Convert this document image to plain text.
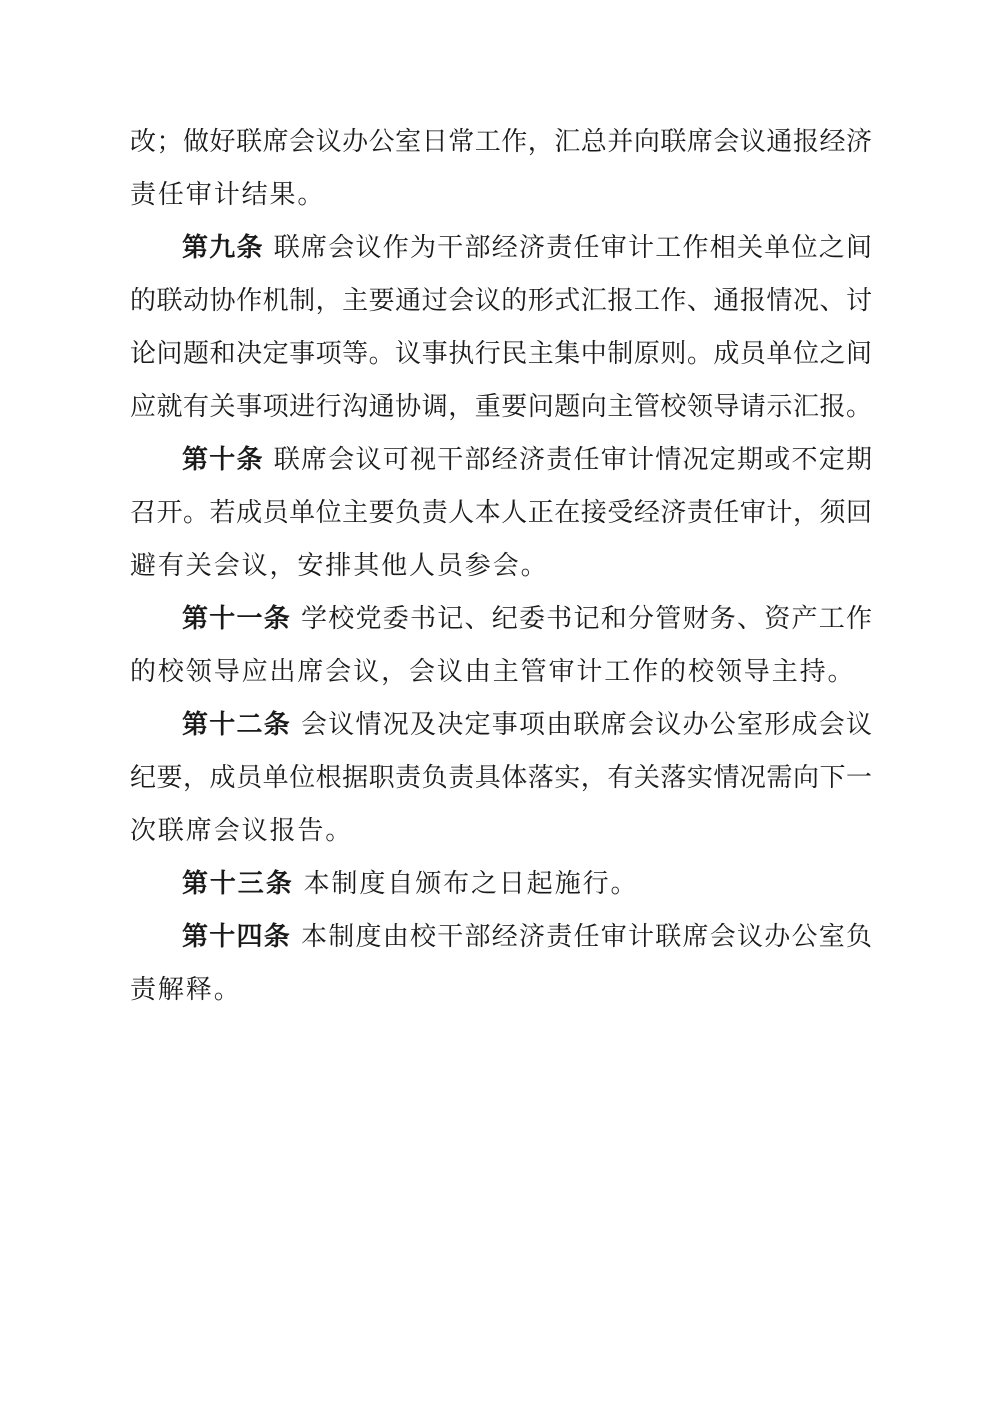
改；做好联席会议办公室日常工作，汇总并向联席会议通报经济
责任审计结果。
第九条 联席会议作为干部经济责任审计工作相关单位之间
的联动协作机制，主要通过会议的形式汇报工作、通报情况、讨
论问题和决定事项等。议事执行民主集中制原则。成员单位之间
应就有关事项进行沟通协调，重要问题向主管校领导请示汇报。
第十条 联席会议可视干部经济责任审计情况定期或不定期
召开。若成员单位主要负责人本人正在接受经济责任审计，须回
避有关会议，安排其他人员参会。
第十一条 学校党委书记、纪委书记和分管财务、资产工作
的校领导应出席会议，会议由主管审计工作的校领导主持。
第十二条 会议情况及决定事项由联席会议办公室形成会议
纪要，成员单位根据职责负责具体落实，有关落实情况需向下一
次联席会议报告。
第十三条 本制度自颁布之日起施行。
第十四条 本制度由校干部经济责任审计联席会议办公室负
责解释。
